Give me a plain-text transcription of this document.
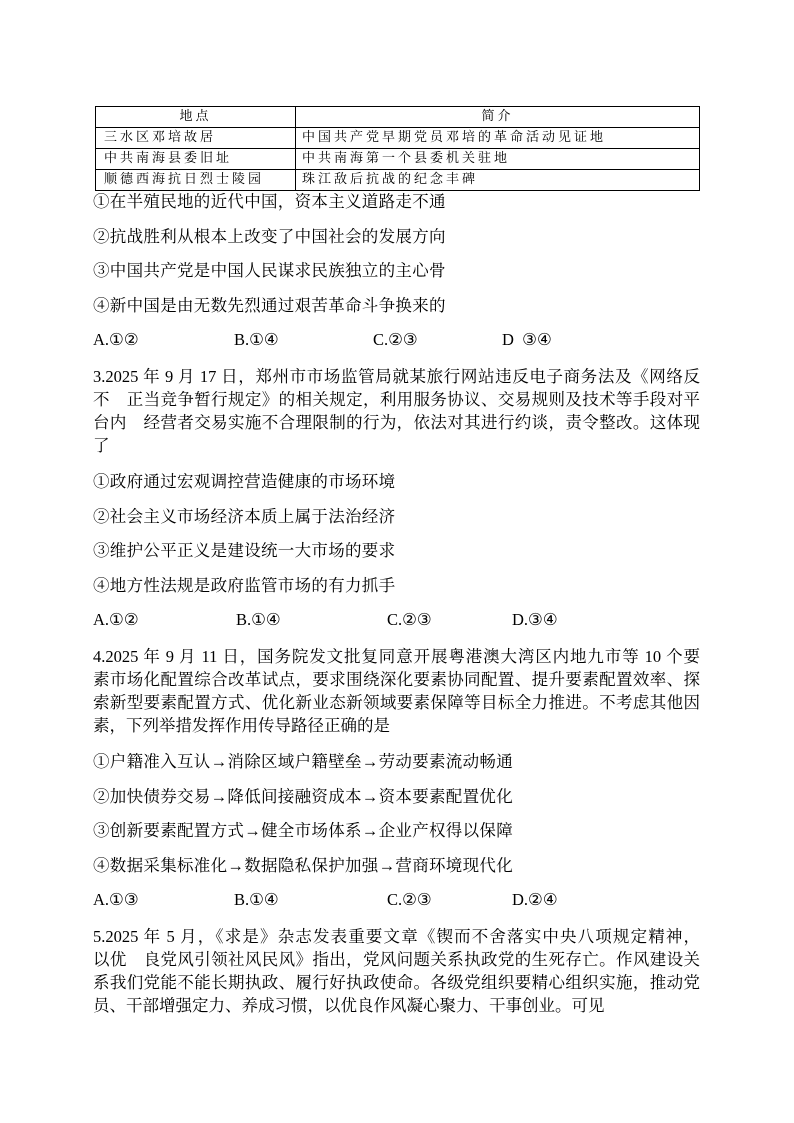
地点	简介
三水区邓培故居	中国共产党早期党员邓培的革命活动见证地
中共南海县委旧址	中共南海第一个县委机关驻地
顺德西海抗日烈士陵园	珠江敌后抗战的纪念丰碑
①在半殖民地的近代中国，资本主义道路走不通
②抗战胜利从根本上改变了中国社会的发展方向
③中国共产党是中国人民谋求民族独立的主心骨
④新中国是由无数先烈通过艰苦革命斗争换来的
A.①②	B.①④	C.②③	D  ③④
3.2025 年 9 月 17 日，郑州市市场监管局就某旅行网站违反电子商务法及《网络反
不　正当竞争暂行规定》的相关规定，利用服务协议、交易规则及技术等手段对平
台内　经营者交易实施不合理限制的行为，依法对其进行约谈，责令整改。这体现
了
①政府通过宏观调控营造健康的市场环境
②社会主义市场经济本质上属于法治经济
③维护公平正义是建设统一大市场的要求
④地方性法规是政府监管市场的有力抓手
A.①②	B.①④	C.②③	D.③④
4.2025 年 9 月 11 日，国务院发文批复同意开展粤港澳大湾区内地九市等 10 个要
素市场化配置综合改革试点，要求围绕深化要素协同配置、提升要素配置效率、探
索新型要素配置方式、优化新业态新领域要素保障等目标全力推进。不考虑其他因
素，下列举措发挥作用传导路径正确的是
①户籍准入互认→消除区域户籍壁垒→劳动要素流动畅通
②加快债券交易→降低间接融资成本→资本要素配置优化
③创新要素配置方式→健全市场体系→企业产权得以保障
④数据采集标准化→数据隐私保护加强→营商环境现代化
A.①③	B.①④	C.②③	D.②④
5.2025 年 5 月，《求是》杂志发表重要文章《锲而不舍落实中央八项规定精神，
以优　良党风引领社风民风》指出，党风问题关系执政党的生死存亡。作风建设关
系我们党能不能长期执政、履行好执政使命。各级党组织要精心组织实施，推动党
员、干部增强定力、养成习惯，以优良作风凝心聚力、干事创业。可见
